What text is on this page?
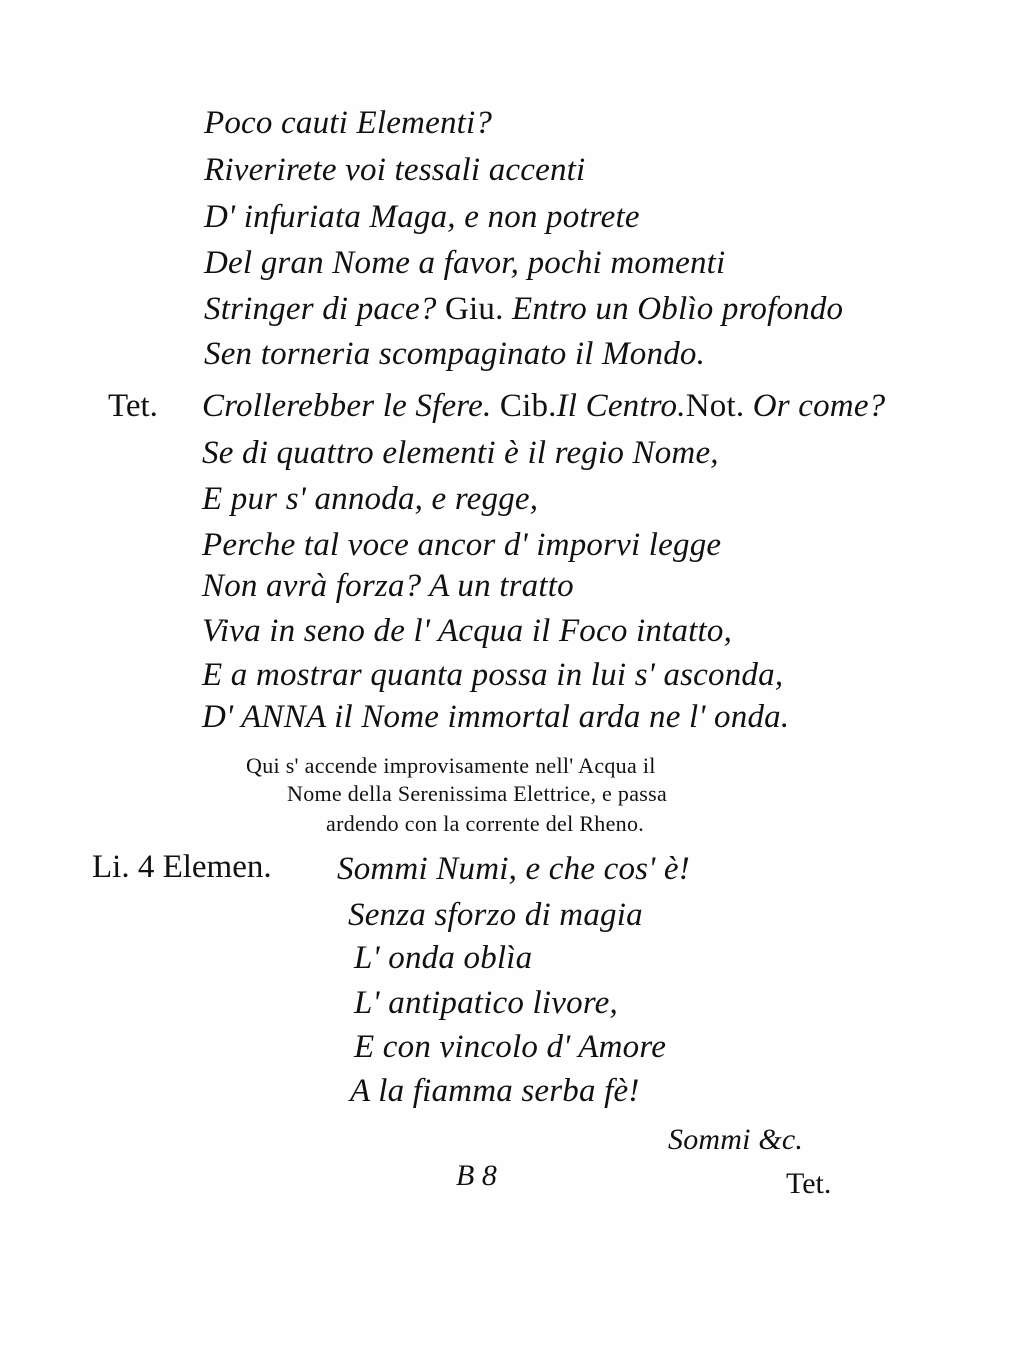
Poco cauti Elementi?
Riverirete voi tessali accenti
D' infuriata Maga, e non potrete
Del gran Nome a favor, pochi momenti
Stringer di pace? Giu. Entro un Oblìo profondo
Sen torneria scompaginato il Mondo.
Tet. Crollerebber le Sfere. Cib.Il Centro.Not. Or come?
Se di quattro elementi è il regio Nome,
E pur s' annoda, e regge,
Perche tal voce ancor d' imporvi legge
Non avrà forza? A un tratto
Viva in seno de l' Acqua il Foco intatto,
E a mostrar quanta possa in lui s' asconda,
D' ANNA il Nome immortal arda ne l' onda.
Qui s' accende improvisamente nell' Acqua il
Nome della Serenissima Elettrice, e passa
ardendo con la corrente del Rheno.
Li. 4 Elemen. Sommi Numi, e che cos' è!
Senza sforzo di magia
L' onda oblìa
L' antipatico livore,
E con vincolo d' Amore
A la fiamma serba fè!
Sommi &c.
B 8	Tet.
